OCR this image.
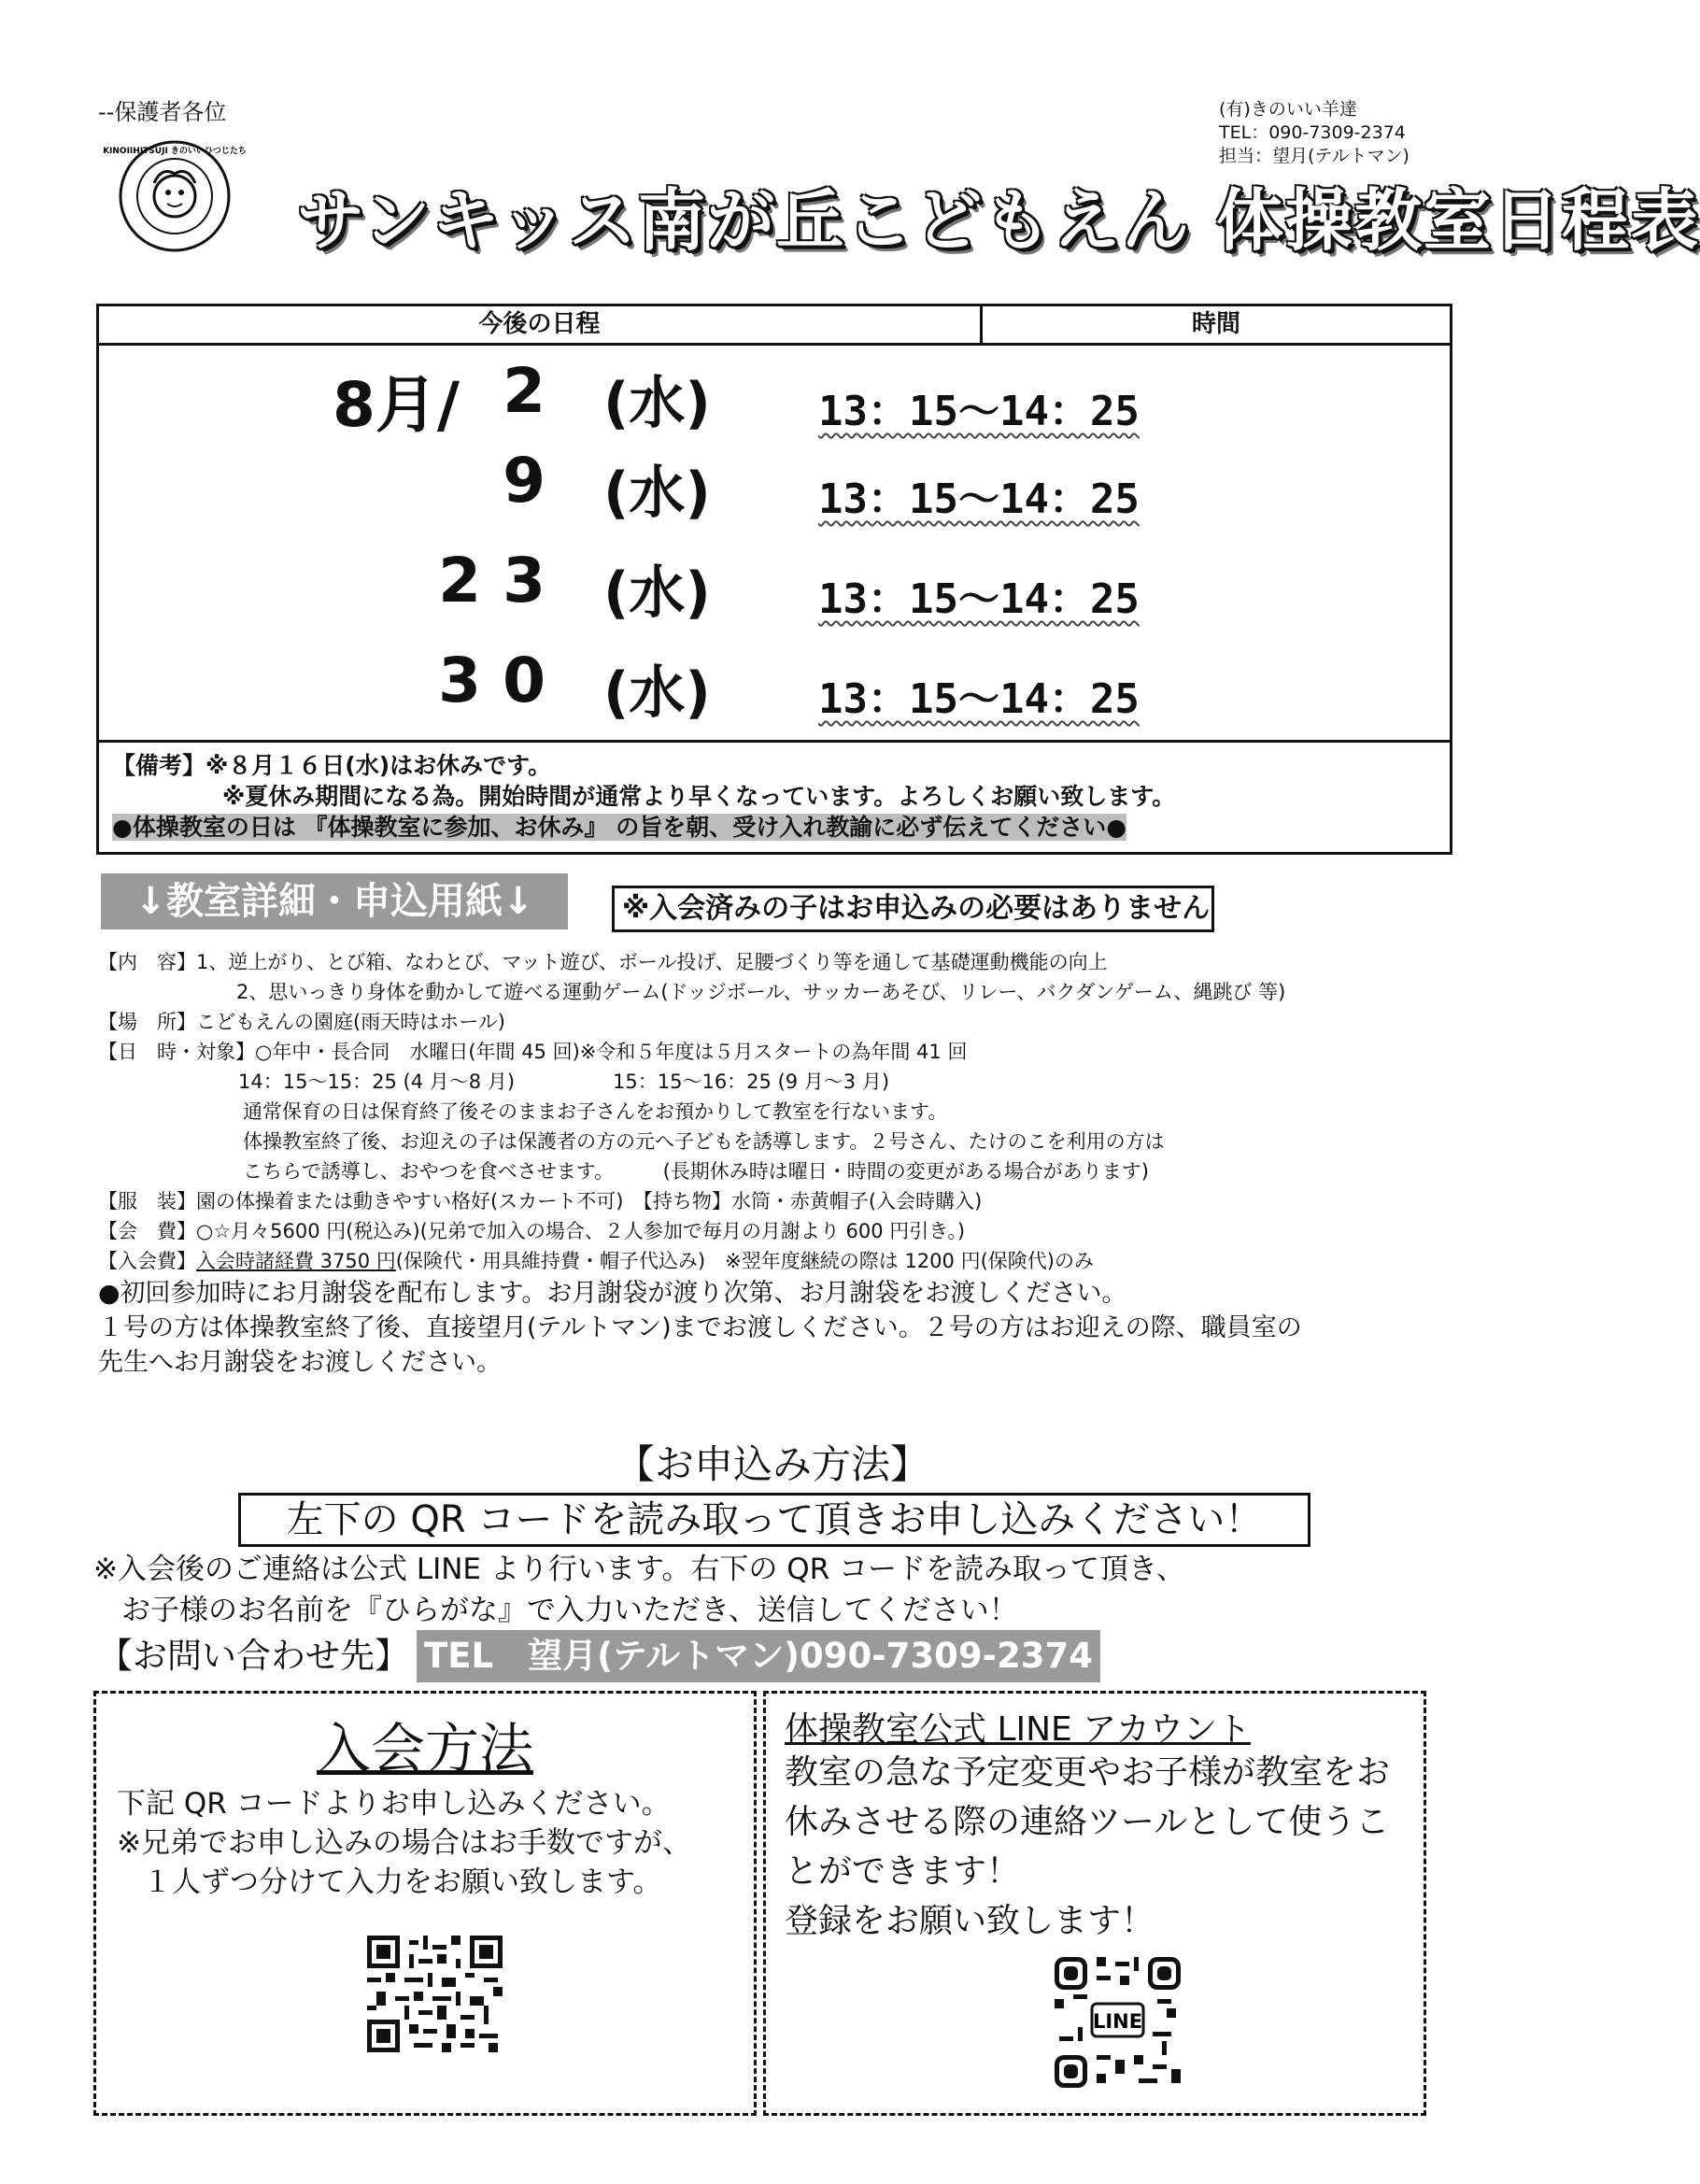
--保護者各位	(有)きのいい羊達
TEL：090-7309-2374
担当：望月(テルトマン)
KINOIIHITSUJI きのいいひつじたち
サンキッス南が丘こどもえん 体操教室日程表
今後の日程	時間
8月/ 2 (水)	13：15〜14：25
9 (水)	13：15〜14：25
2 3 (水)	13：15〜14：25
3 0 (水)	13：15〜14：25
【備考】※８月１６日(水)はお休みです。
※夏休み期間になる為。開始時間が通常より早くなっています。よろしくお願い致します。
●体操教室の日は 『体操教室に参加、お休み』 の旨を朝、受け入れ教諭に必ず伝えてください●
↓教室詳細・申込用紙↓	※入会済みの子はお申込みの必要はありません
【内　容】1、逆上がり、とび箱、なわとび、マット遊び、ボール投げ、足腰づくり等を通して基礎運動機能の向上
2、思いっきり身体を動かして遊べる運動ゲーム(ドッジボール、サッカーあそび、リレー、バクダンゲーム、縄跳び 等)
【場　所】こどもえんの園庭(雨天時はホール)
【日　時・対象】○年中・長合同　水曜日(年間 45 回)※令和５年度は５月スタートの為年間 41 回
14：15〜15：25 (4 月〜8 月)　　　　　15：15〜16：25 (9 月〜3 月)
通常保育の日は保育終了後そのままお子さんをお預かりして教室を行ないます。
体操教室終了後、お迎えの子は保護者の方の元へ子どもを誘導します。２号さん、たけのこを利用の方は
こちらで誘導し、おやつを食べさせます。　　　(長期休み時は曜日・時間の変更がある場合があります)
【服　装】園の体操着または動きやすい格好(スカート不可)　【持ち物】水筒・赤黄帽子(入会時購入)
【会　費】○☆月々5600 円(税込み)(兄弟で加入の場合、２人参加で毎月の月謝より 600 円引き。)
【入会費】入会時諸経費 3750 円(保険代・用具維持費・帽子代込み)　※翌年度継続の際は 1200 円(保険代)のみ
●初回参加時にお月謝袋を配布します。お月謝袋が渡り次第、お月謝袋をお渡しください。
１号の方は体操教室終了後、直接望月(テルトマン)までお渡しください。２号の方はお迎えの際、職員室の
先生へお月謝袋をお渡しください。
【お申込み方法】
左下の QR コードを読み取って頂きお申し込みください！
※入会後のご連絡は公式 LINE より行います。右下の QR コードを読み取って頂き、
お子様のお名前を『ひらがな』で入力いただき、送信してください！
【お問い合わせ先】 TEL　望月(テルトマン)090-7309-2374
入会方法
下記 QR コードよりお申し込みください。
※兄弟でお申し込みの場合はお手数ですが、
１人ずつ分けて入力をお願い致します。
体操教室公式 LINE アカウント
教室の急な予定変更やお子様が教室をお休みさせる際の連絡ツールとして使うことができます！
登録をお願い致します！
LINE
